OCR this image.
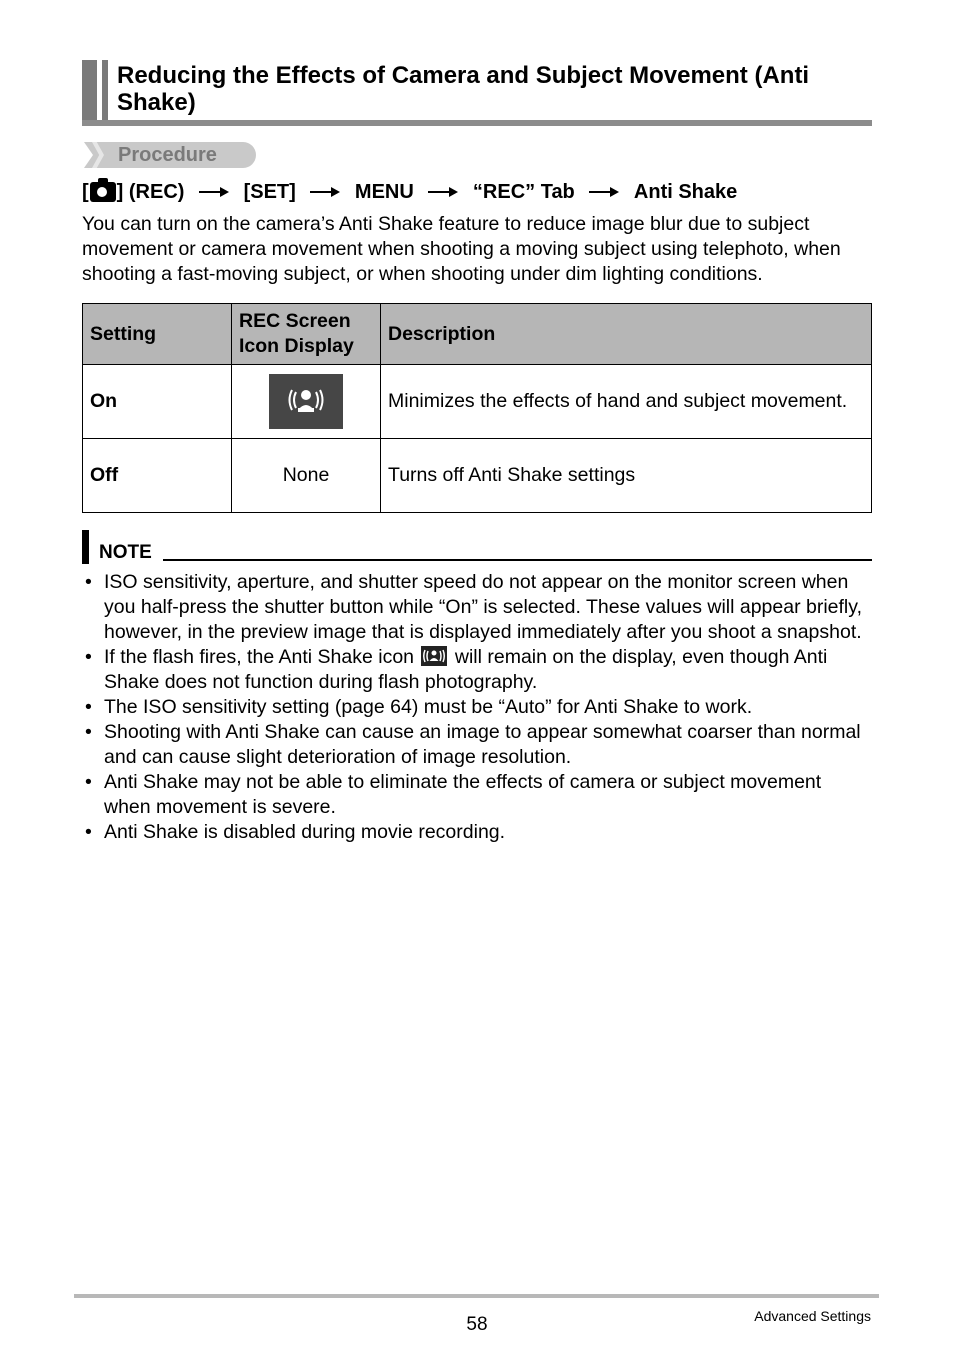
Reducing the Effects of Camera and Subject Movement (Anti Shake)
Procedure
[ ] (REC)	[SET]	MENU	“REC” Tab	Anti Shake
You can turn on the camera’s Anti Shake feature to reduce image blur due to subject movement or camera movement when shooting a moving subject using telephoto, when shooting a fast-moving subject, or when shooting under dim lighting conditions.
Setting	REC Screen Icon Display	Description
On		Minimizes the effects of hand and subject movement.
Off	None	Turns off Anti Shake settings
NOTE
• ISO sensitivity, aperture, and shutter speed do not appear on the monitor screen when you half-press the shutter button while “On” is selected. These values will appear briefly, however, in the preview image that is displayed immediately after you shoot a snapshot.
• If the flash fires, the Anti Shake icon will remain on the display, even though Anti Shake does not function during flash photography.
• The ISO sensitivity setting (page 64) must be “Auto” for Anti Shake to work.
• Shooting with Anti Shake can cause an image to appear somewhat coarser than normal and can cause slight deterioration of image resolution.
• Anti Shake may not be able to eliminate the effects of camera or subject movement when movement is severe.
• Anti Shake is disabled during movie recording.
58	Advanced Settings
